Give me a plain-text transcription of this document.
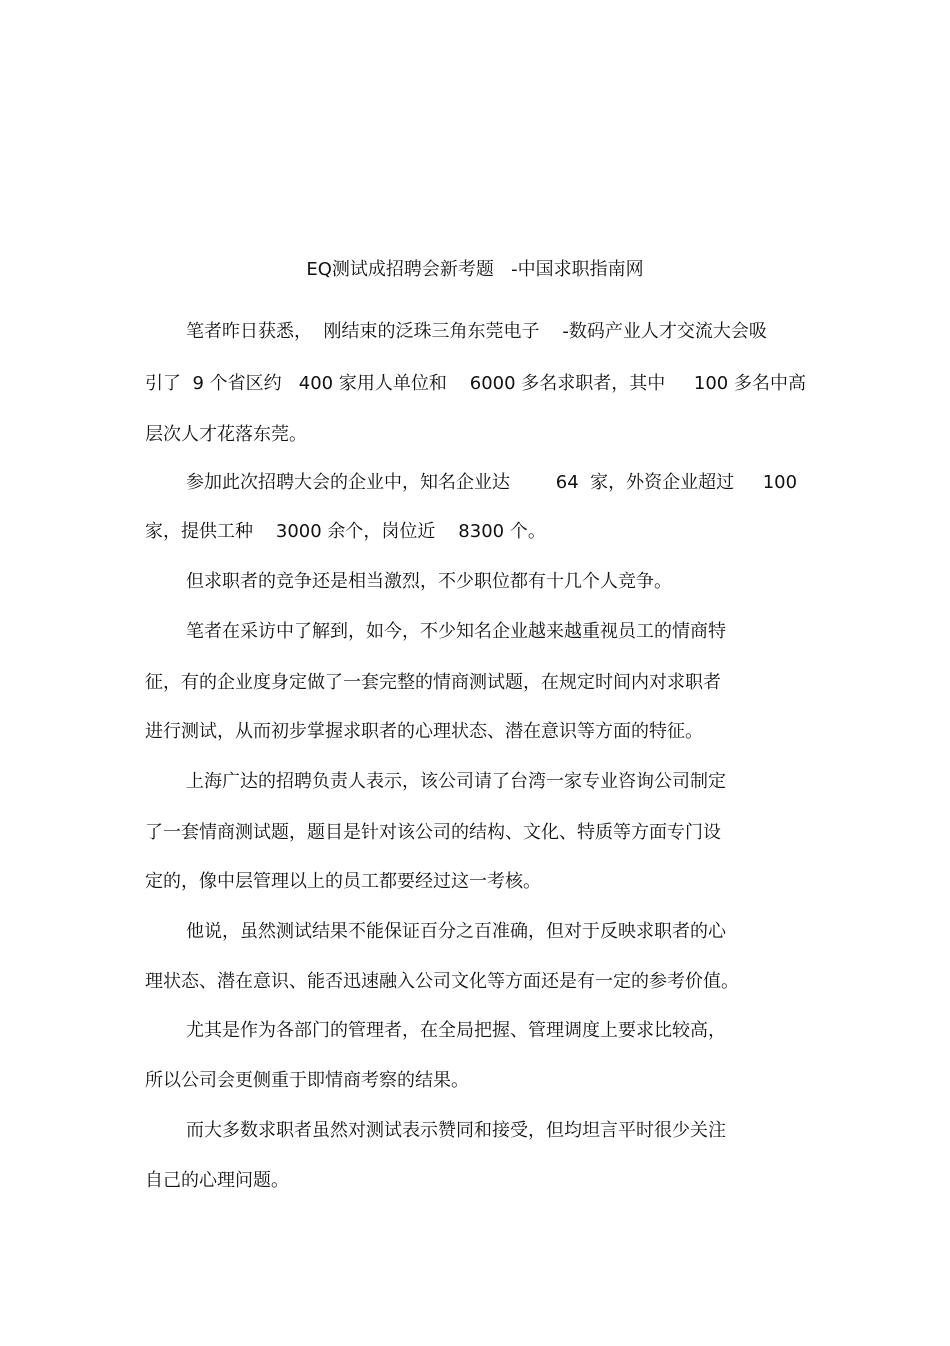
EQ测试成招聘会新考题   -中国求职指南网
笔者昨日获悉，  刚结束的泛珠三角东莞电子    -数码产业人才交流大会吸
引了  9 个省区约   400 家用人单位和    6000 多名求职者，其中     100 多名中高
层次人才花落东莞。
参加此次招聘大会的企业中，知名企业达        64  家，外资企业超过     100
家，提供工种    3000 余个，岗位近    8300 个。
但求职者的竞争还是相当激烈，不少职位都有十几个人竞争。
笔者在采访中了解到，如今，不少知名企业越来越重视员工的情商特
征，有的企业度身定做了一套完整的情商测试题，在规定时间内对求职者
进行测试，从而初步掌握求职者的心理状态、潜在意识等方面的特征。
上海广达的招聘负责人表示，该公司请了台湾一家专业咨询公司制定
了一套情商测试题，题目是针对该公司的结构、文化、特质等方面专门设
定的，像中层管理以上的员工都要经过这一考核。
他说，虽然测试结果不能保证百分之百准确，但对于反映求职者的心
理状态、潜在意识、能否迅速融入公司文化等方面还是有一定的参考价值。
尤其是作为各部门的管理者，在全局把握、管理调度上要求比较高，
所以公司会更侧重于即情商考察的结果。
而大多数求职者虽然对测试表示赞同和接受，但均坦言平时很少关注
自己的心理问题。
